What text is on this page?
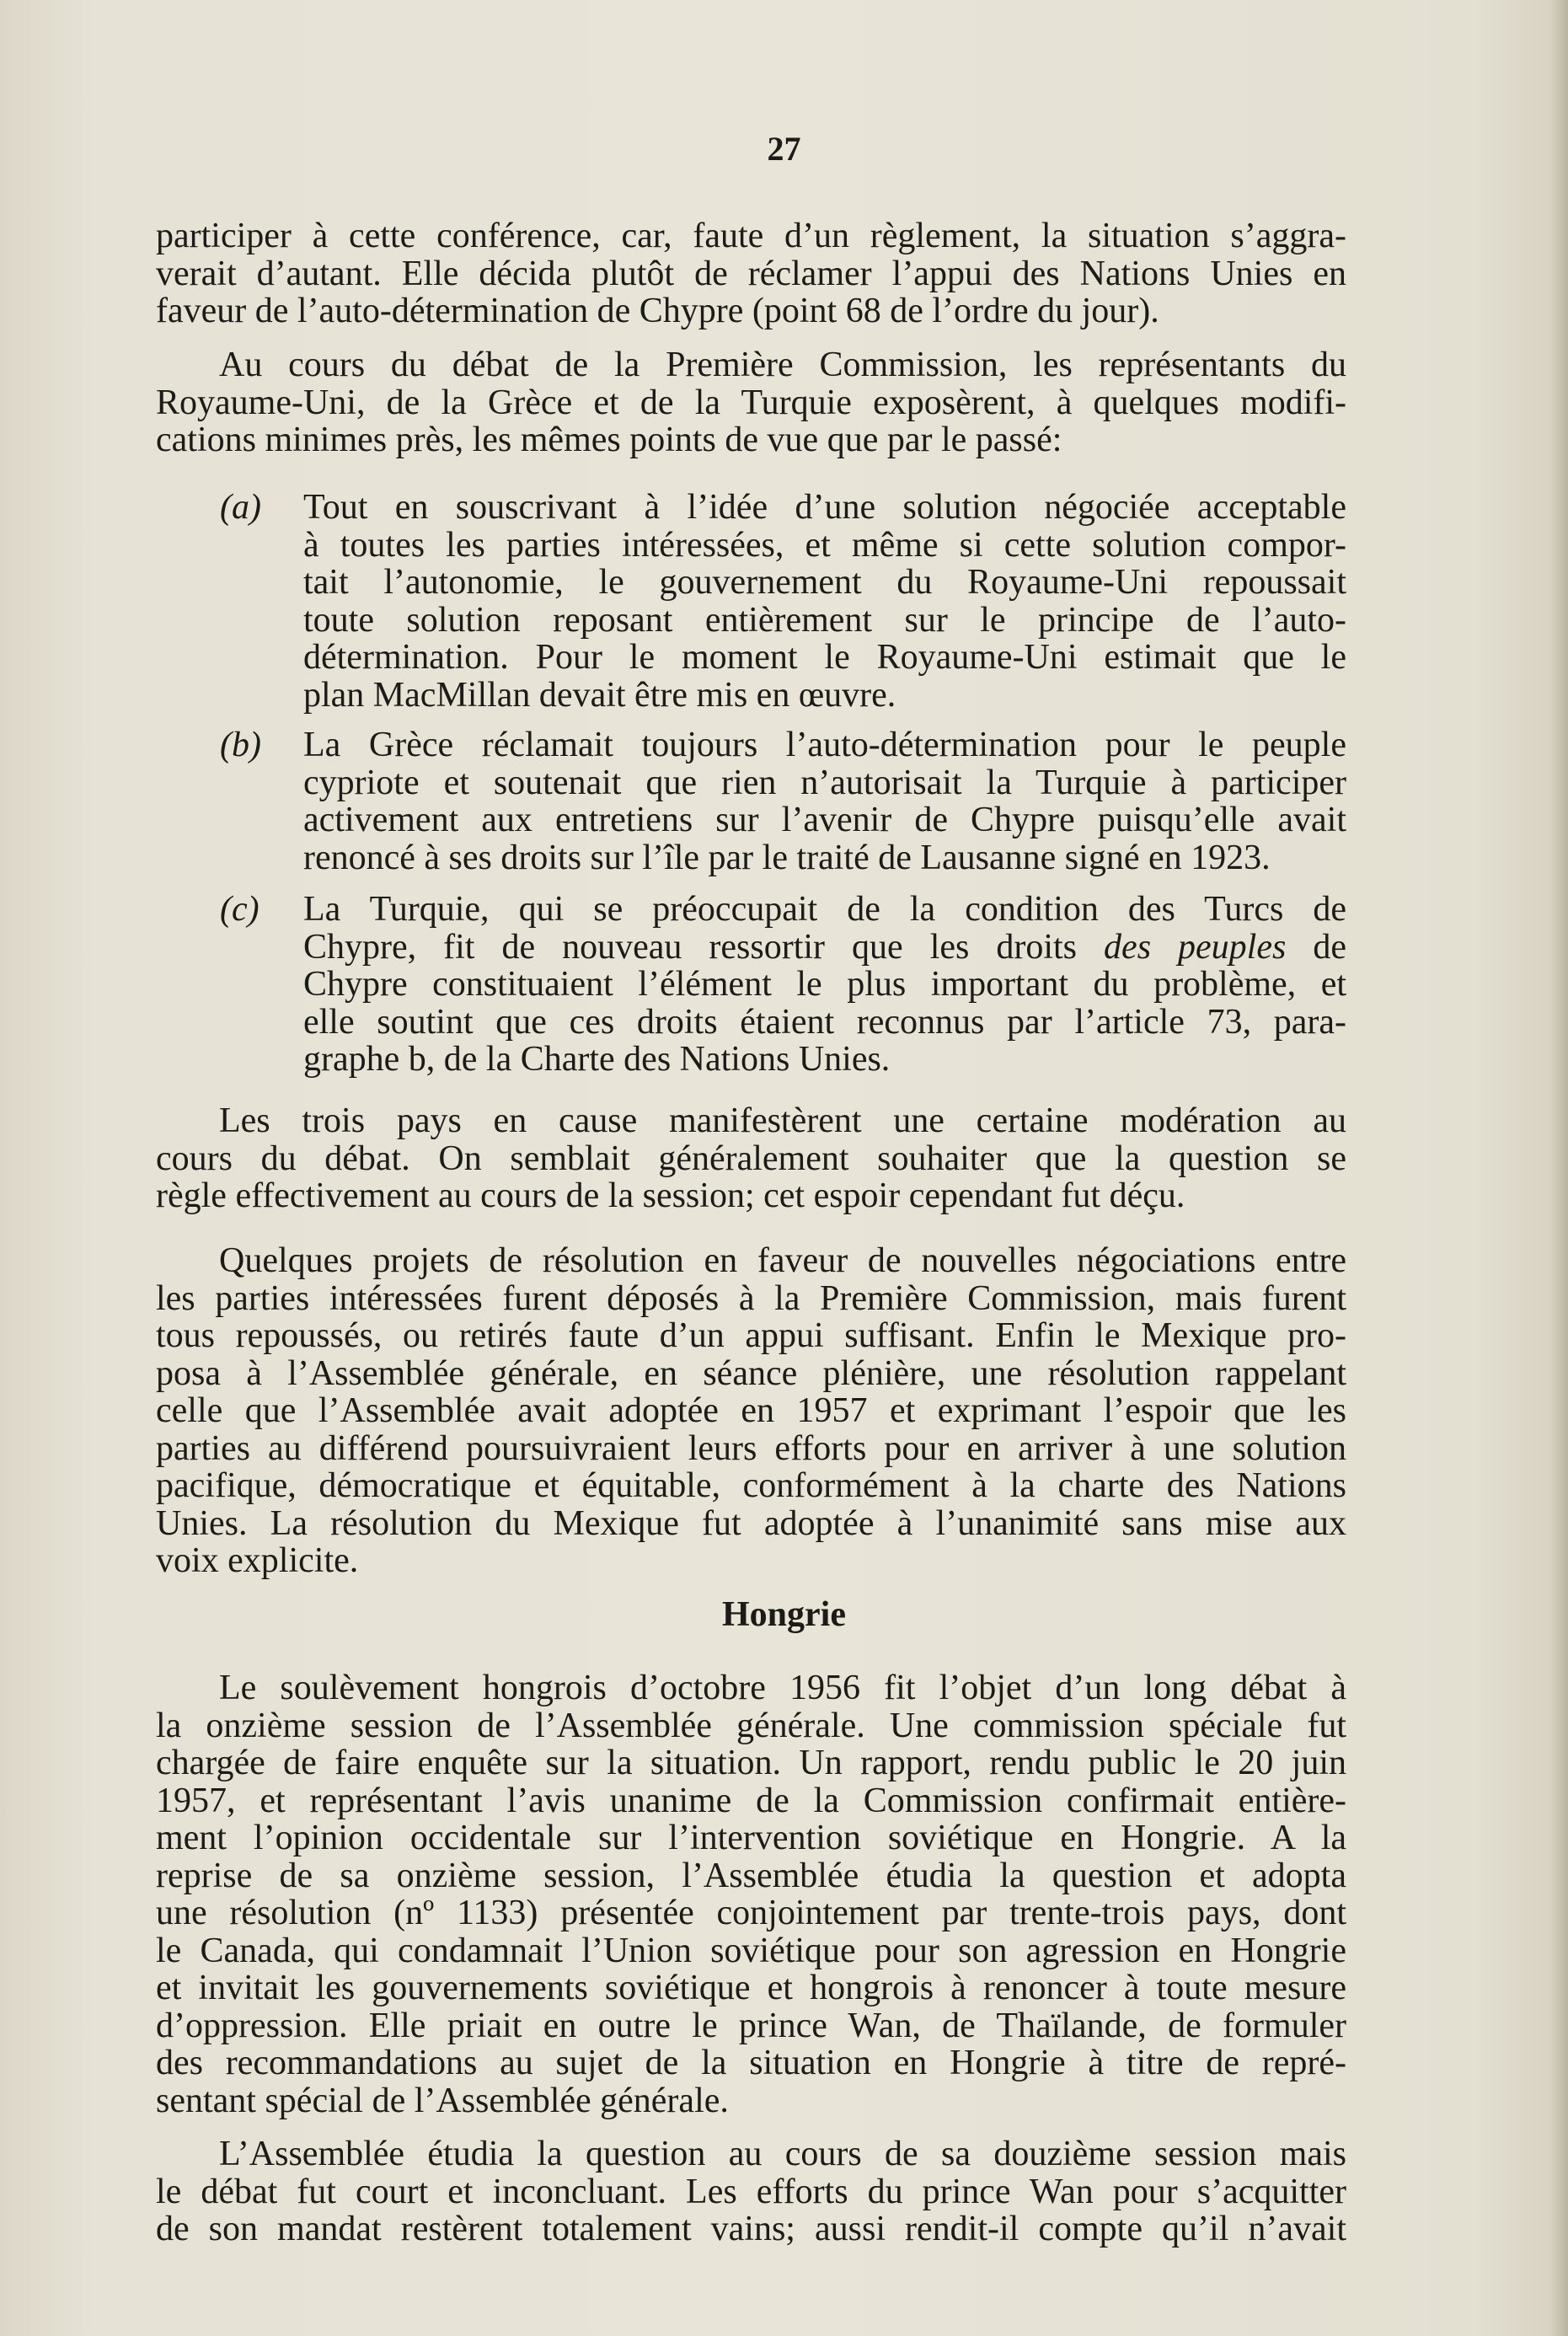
27
participer à cette conférence, car, faute d’un règlement, la situation s’aggra-
verait d’autant. Elle décida plutôt de réclamer l’appui des Nations Unies en
faveur de l’auto-détermination de Chypre (point 68 de l’ordre du jour).
Au cours du débat de la Première Commission, les représentants du
Royaume-Uni, de la Grèce et de la Turquie exposèrent, à quelques modifi-
cations minimes près, les mêmes points de vue que par le passé:
(a) Tout en souscrivant à l’idée d’une solution négociée acceptable
à toutes les parties intéressées, et même si cette solution compor-
tait l’autonomie, le gouvernement du Royaume-Uni repoussait
toute solution reposant entièrement sur le principe de l’auto-
détermination. Pour le moment le Royaume-Uni estimait que le
plan MacMillan devait être mis en œuvre.
(b) La Grèce réclamait toujours l’auto-détermination pour le peuple
cypriote et soutenait que rien n’autorisait la Turquie à participer
activement aux entretiens sur l’avenir de Chypre puisqu’elle avait
renoncé à ses droits sur l’île par le traité de Lausanne signé en 1923.
(c) La Turquie, qui se préoccupait de la condition des Turcs de
Chypre, fit de nouveau ressortir que les droits des peuples de
Chypre constituaient l’élément le plus important du problème, et
elle soutint que ces droits étaient reconnus par l’article 73, para-
graphe b, de la Charte des Nations Unies.
Les trois pays en cause manifestèrent une certaine modération au
cours du débat. On semblait généralement souhaiter que la question se
règle effectivement au cours de la session; cet espoir cependant fut déçu.
Quelques projets de résolution en faveur de nouvelles négociations entre
les parties intéressées furent déposés à la Première Commission, mais furent
tous repoussés, ou retirés faute d’un appui suffisant. Enfin le Mexique pro-
posa à l’Assemblée générale, en séance plénière, une résolution rappelant
celle que l’Assemblée avait adoptée en 1957 et exprimant l’espoir que les
parties au différend poursuivraient leurs efforts pour en arriver à une solution
pacifique, démocratique et équitable, conformément à la charte des Nations
Unies. La résolution du Mexique fut adoptée à l’unanimité sans mise aux
voix explicite.
Hongrie
Le soulèvement hongrois d’octobre 1956 fit l’objet d’un long débat à
la onzième session de l’Assemblée générale. Une commission spéciale fut
chargée de faire enquête sur la situation. Un rapport, rendu public le 20 juin
1957, et représentant l’avis unanime de la Commission confirmait entière-
ment l’opinion occidentale sur l’intervention soviétique en Hongrie. A la
reprise de sa onzième session, l’Assemblée étudia la question et adopta
une résolution (nº 1133) présentée conjointement par trente-trois pays, dont
le Canada, qui condamnait l’Union soviétique pour son agression en Hongrie
et invitait les gouvernements soviétique et hongrois à renoncer à toute mesure
d’oppression. Elle priait en outre le prince Wan, de Thaïlande, de formuler
des recommandations au sujet de la situation en Hongrie à titre de repré-
sentant spécial de l’Assemblée générale.
L’Assemblée étudia la question au cours de sa douzième session mais
le débat fut court et inconcluant. Les efforts du prince Wan pour s’acquitter
de son mandat restèrent totalement vains; aussi rendit-il compte qu’il n’avait
